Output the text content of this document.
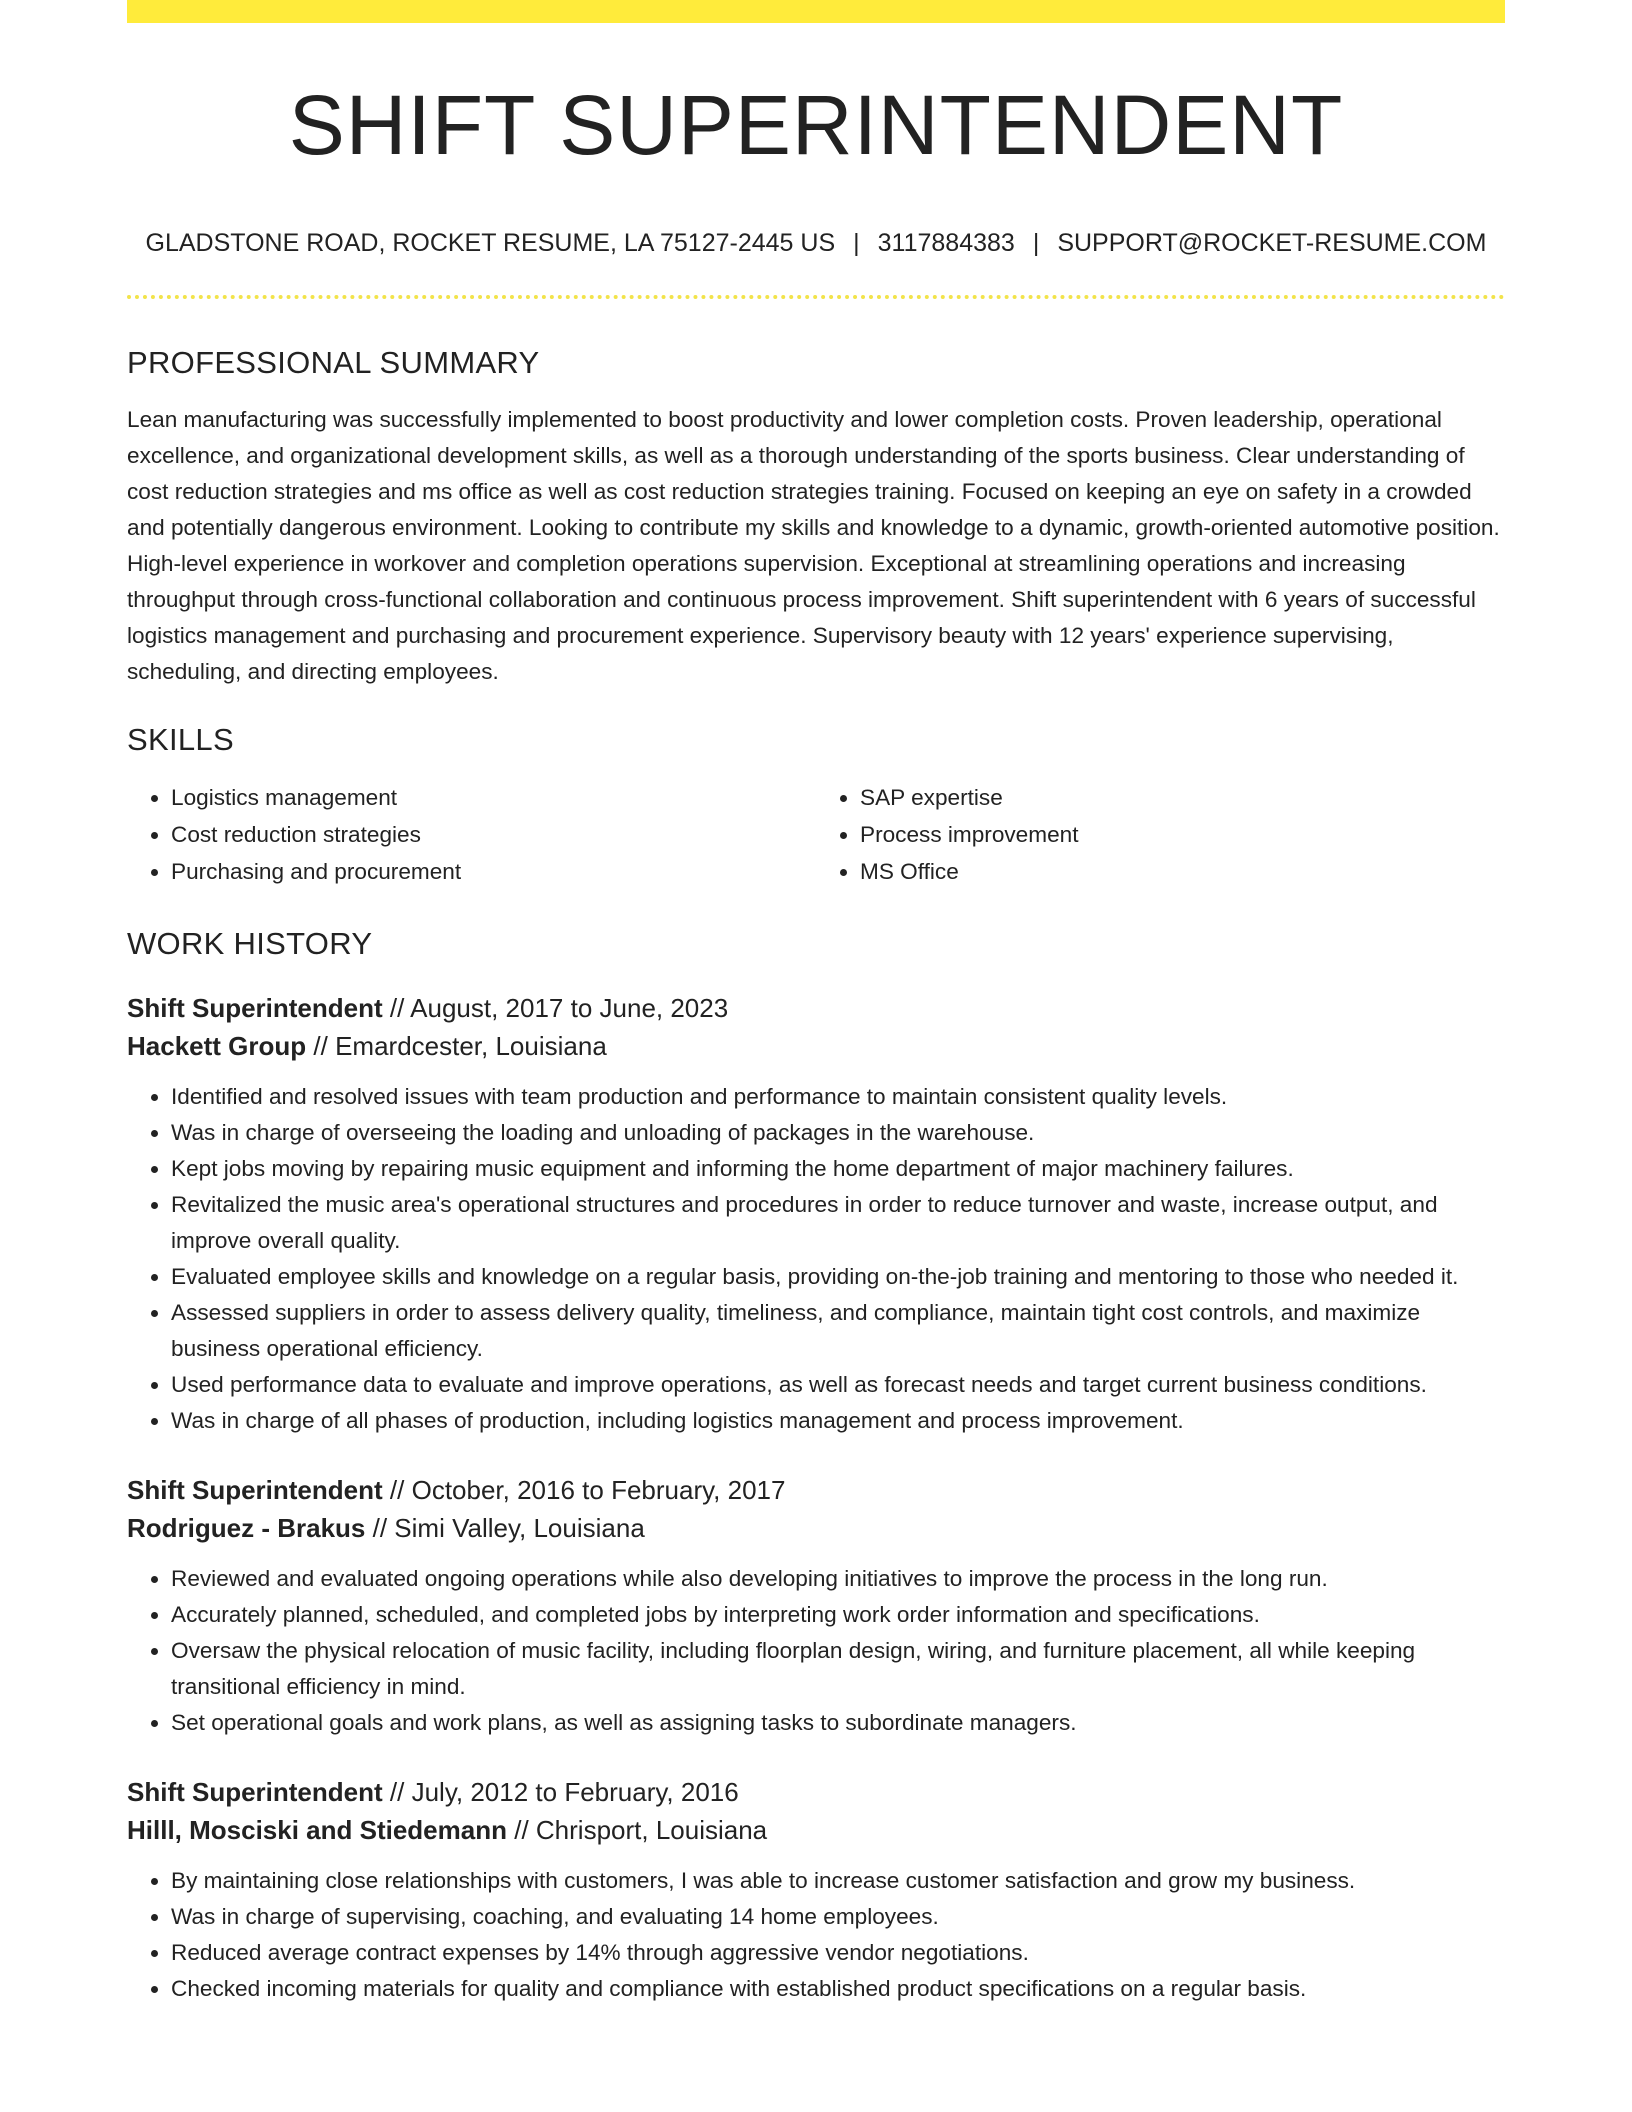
SHIFT SUPERINTENDENT
GLADSTONE ROAD, ROCKET RESUME, LA 75127-2445 US | 3117884383 | SUPPORT@ROCKET-RESUME.COM
PROFESSIONAL SUMMARY

Lean manufacturing was successfully implemented to boost productivity and lower completion costs. Proven leadership, operational excellence, and organizational development skills, as well as a thorough understanding of the sports business. Clear understanding of cost reduction strategies and ms office as well as cost reduction strategies training. Focused on keeping an eye on safety in a crowded and potentially dangerous environment. Looking to contribute my skills and knowledge to a dynamic, growth-oriented automotive position. High-level experience in workover and completion operations supervision. Exceptional at streamlining operations and increasing throughput through cross-functional collaboration and continuous process improvement. Shift superintendent with 6 years of successful logistics management and purchasing and procurement experience. Supervisory beauty with 12 years' experience supervising, scheduling, and directing employees.

SKILLS
• Logistics management
• Cost reduction strategies
• Purchasing and procurement
• SAP expertise
• Process improvement
• MS Office
WORK HISTORY
Shift Superintendent // August, 2017 to June, 2023
Hackett Group // Emardcester, Louisiana
• Identified and resolved issues with team production and performance to maintain consistent quality levels.
• Was in charge of overseeing the loading and unloading of packages in the warehouse.
• Kept jobs moving by repairing music equipment and informing the home department of major machinery failures.
• Revitalized the music area's operational structures and procedures in order to reduce turnover and waste, increase output, and improve overall quality.
• Evaluated employee skills and knowledge on a regular basis, providing on-the-job training and mentoring to those who needed it.
• Assessed suppliers in order to assess delivery quality, timeliness, and compliance, maintain tight cost controls, and maximize business operational efficiency.
• Used performance data to evaluate and improve operations, as well as forecast needs and target current business conditions.
• Was in charge of all phases of production, including logistics management and process improvement.
Shift Superintendent // October, 2016 to February, 2017
Rodriguez - Brakus // Simi Valley, Louisiana
• Reviewed and evaluated ongoing operations while also developing initiatives to improve the process in the long run.
• Accurately planned, scheduled, and completed jobs by interpreting work order information and specifications.
• Oversaw the physical relocation of music facility, including floorplan design, wiring, and furniture placement, all while keeping transitional efficiency in mind.
• Set operational goals and work plans, as well as assigning tasks to subordinate managers.
Shift Superintendent // July, 2012 to February, 2016
Hilll, Mosciski and Stiedemann // Chrisport, Louisiana
• By maintaining close relationships with customers, I was able to increase customer satisfaction and grow my business.
• Was in charge of supervising, coaching, and evaluating 14 home employees.
• Reduced average contract expenses by 14% through aggressive vendor negotiations.
• Checked incoming materials for quality and compliance with established product specifications on a regular basis.
